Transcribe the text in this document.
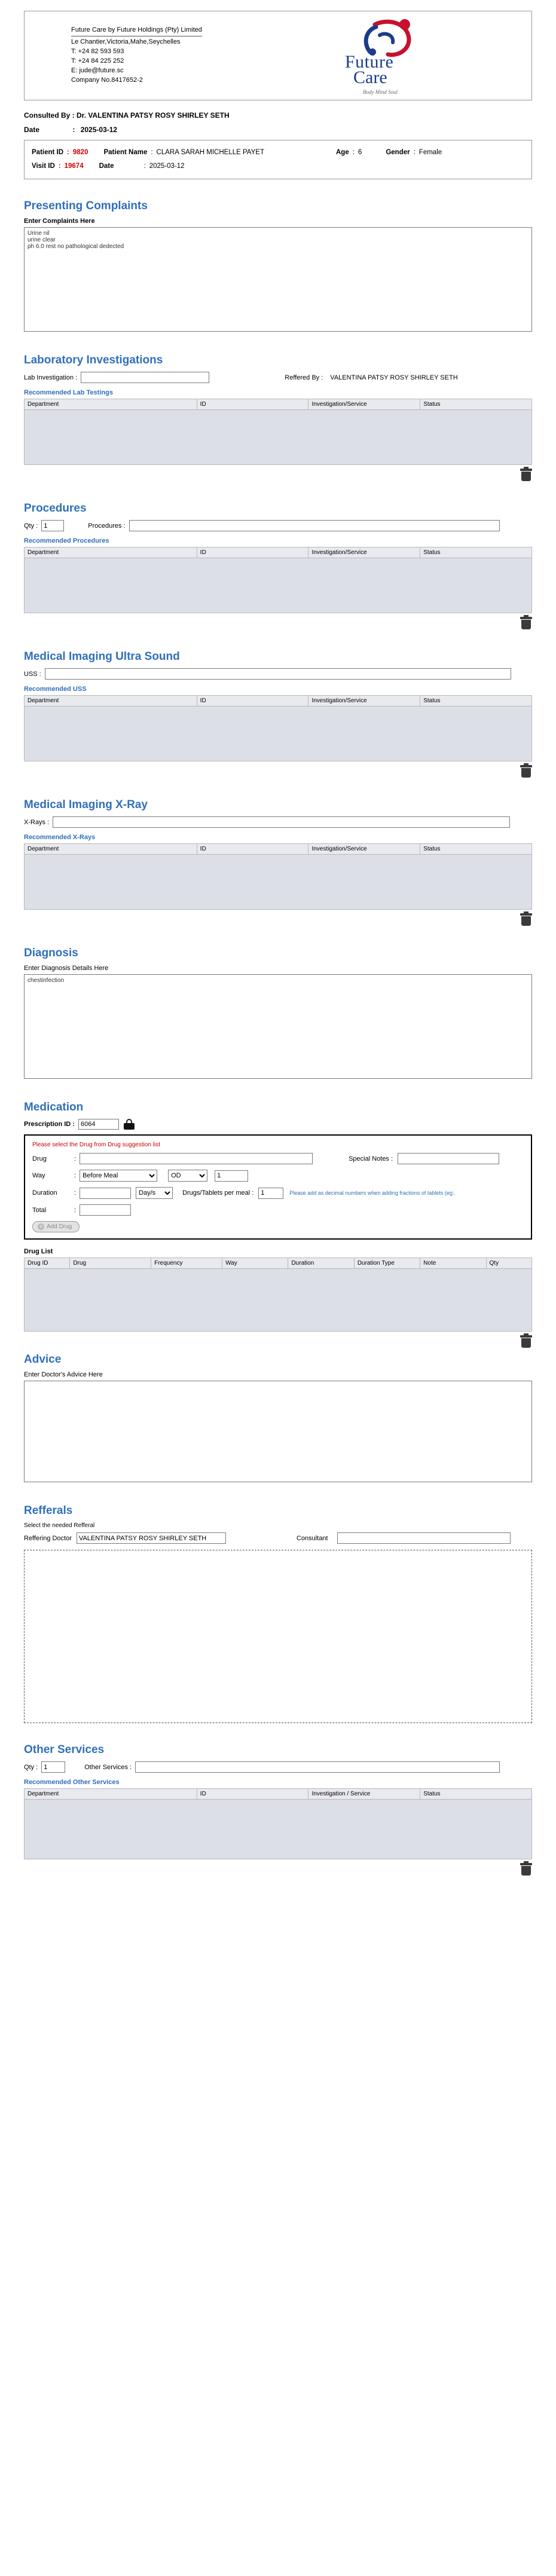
Future Care by Future Holdings (Pty) Limited
Le Chantier,Victoria,Mahe,Seychelles
T: +24 82 593 593
T: +24 84 225 252
E: jude@future.sc
Company No.8417652-2
Future
Care
Body Mind Soul
Consulted By : Dr. VALENTINA PATSY ROSY SHIRLEY SETH
Date	: 2025-03-12
Patient ID : 9820 Patient Name : CLARA SARAH MICHELLE PAYET	Age : 6	Gender : Female
Visit ID : 19674 Date	: 2025-03-12
Presenting Complaints
Enter Complaints Here
Urine nil urine clear ph 6.0 rest no pathological dedected
Laboratory Investigations
Lab Investigation :	Reffered By : VALENTINA PATSY ROSY SHIRLEY SETH
Recommended Lab Testings
Department	ID	Investigation/Service	Status
Procedures
Qty :
1	Procedures :
Recommended Procedures
Department	ID	Investigation/Service	Status
Medical Imaging Ultra Sound
USS :
Recommended USS
Department	ID	Investigation/Service	Status
Medical Imaging X-Ray
X-Rays :
Recommended X-Rays
Department	ID	Investigation/Service	Status
Diagnosis
Enter Diagnosis Details Here
chestinfection
Medication
Prescription ID :
6064
Please select the Drug from Drug suggestion list
Drug	:	Special Notes :
Way	:
Before Meal
OD
1
Duration	:
Day/s	Drugs/Tablets per meal :
1	Please add as decimal numbers when adding fractions of tablets (eg:.
Total	:
+ Add Drug
Drug List
Drug ID	Drug	Frequency	Way	Duration	Duration Type	Note	Qty
Advice
Enter Doctor's Advice Here
Refferals
Select the needed Refferal
Reffering Doctor
VALENTINA PATSY ROSY SHIRLEY SETH	Consultant
Other Services
Qty :
1	Other Services :
Recommended Other Services
Department	ID	Investigation / Service	Status
